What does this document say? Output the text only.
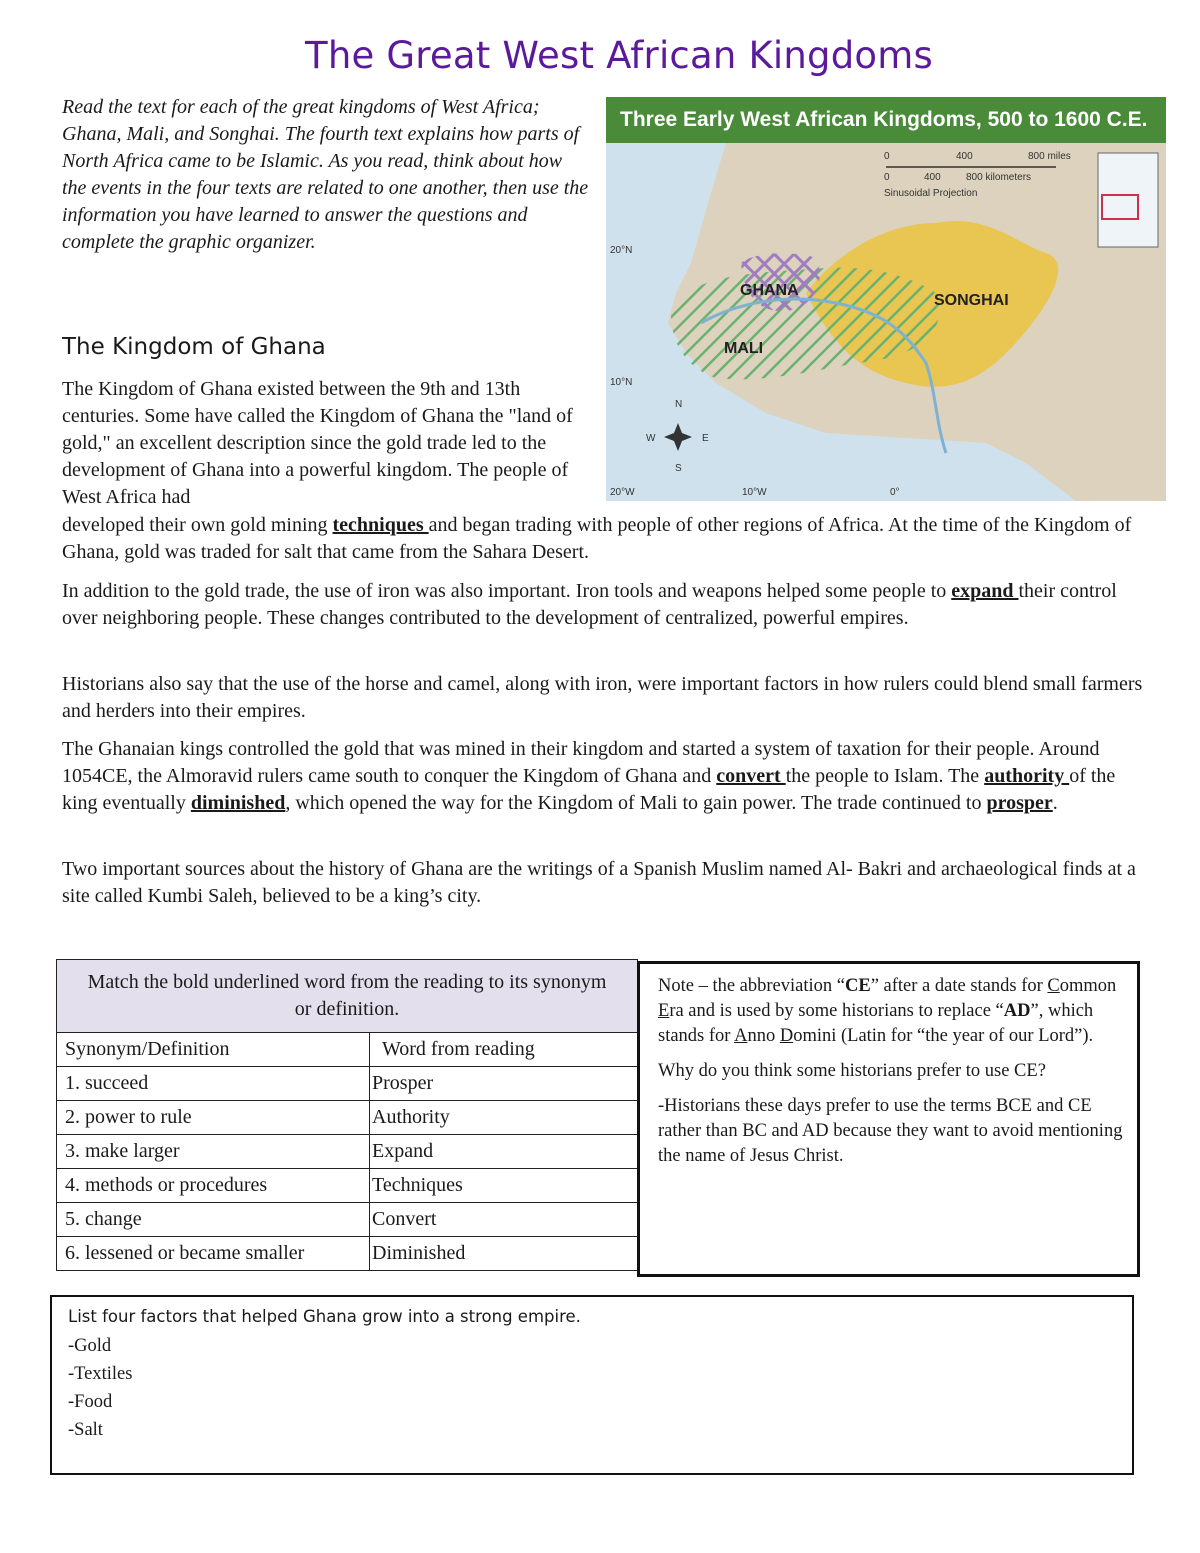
The Great West African Kingdoms
Read the text for each of the great kingdoms of West Africa; Ghana, Mali, and Songhai. The fourth text explains how parts of North Africa came to be Islamic. As you read, think about how the events in the four texts are related to one another, then use the information you have learned to answer the questions and complete the graphic organizer.
Three Early West African Kingdoms, 500 to 1600 C.E.
GHANA
SONGHAI
MALI
0	400	800 miles
0	400	800 kilometers
Sinusoidal Projection
20°N
10°N
20°W	10°W	0°
N
S
E
W
The Kingdom of Ghana
The Kingdom of Ghana existed between the 9th and 13th centuries. Some have called the Kingdom of Ghana the "land of gold," an excellent description since the gold trade led to the development of Ghana into a powerful kingdom. The people of West Africa had
developed their own gold mining techniques and began trading with people of other regions of Africa. At the time of the Kingdom of Ghana, gold was traded for salt that came from the Sahara Desert.
In addition to the gold trade, the use of iron was also important. Iron tools and weapons helped some people to expand their control over neighboring people. These changes contributed to the development of centralized, powerful empires.
Historians also say that the use of the horse and camel, along with iron, were important factors in how rulers could blend small farmers and herders into their empires.
The Ghanaian kings controlled the gold that was mined in their kingdom and started a system of taxation for their people. Around 1054CE, the Almoravid rulers came south to conquer the Kingdom of Ghana and convert the people to Islam. The authority of the king eventually diminished, which opened the way for the Kingdom of Mali to gain power. The trade continued to prosper.
Two important sources about the history of Ghana are the writings of a Spanish Muslim named Al- Bakri and archaeological finds at a site called Kumbi Saleh, believed to be a king’s city.
Match the bold underlined word from the reading to its synonym or definition.	
Synonym/Definition	Word from reading
1. succeed	Prosper
2. power to rule	Authority
3. make larger	Expand
4. methods or procedures	Techniques
5. change	Convert
6. lessened or became smaller	Diminished

Note – the abbreviation “CE” after a date stands for Common Era and is used by some historians to replace “AD”, which stands for Anno Domini (Latin for “the year of our Lord”).

Why do you think some historians prefer to use CE?

-Historians these days prefer to use the terms BCE and CE rather than BC and AD because they want to avoid mentioning the name of Jesus Christ.

List four factors that helped Ghana grow into a strong empire.
-Gold
-Textiles
-Food
-Salt
